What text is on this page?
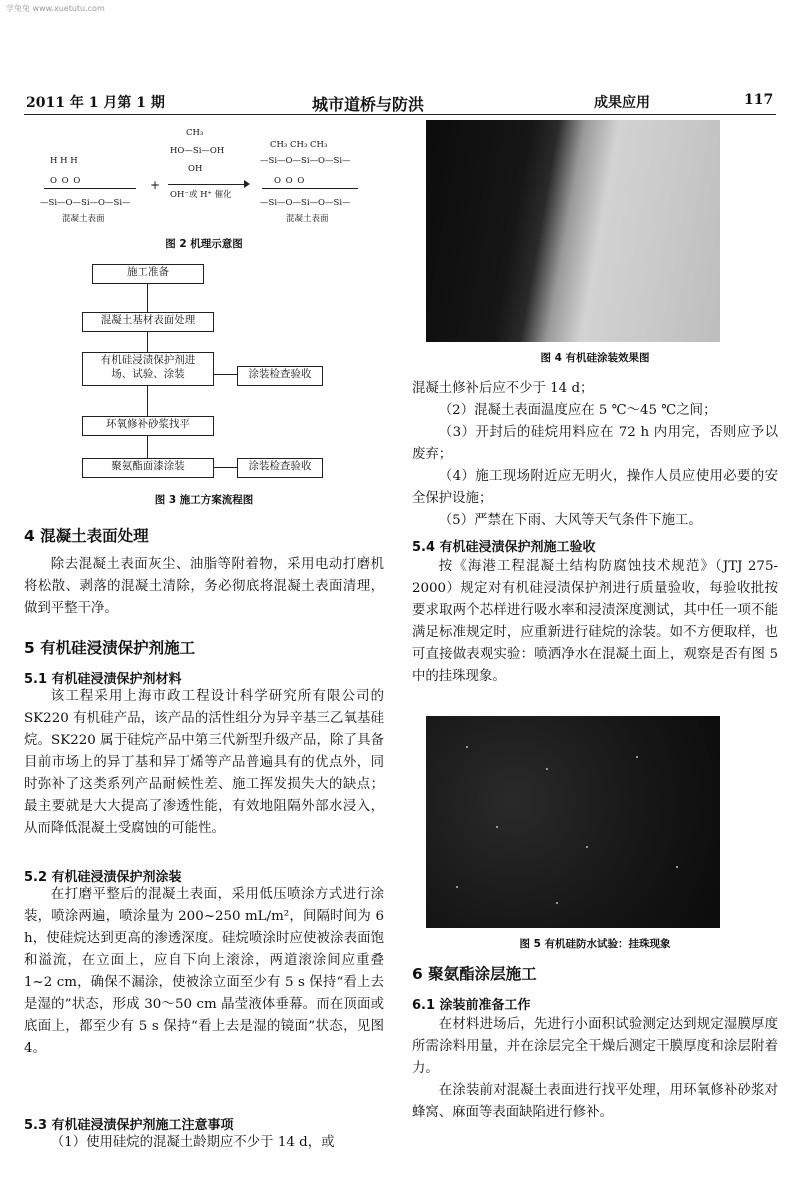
学兔兔 www.xuetutu.com
2011 年 1 月第 1 期	城市道桥与防洪	成果应用	117
H H H
O O O
—Si—O—Si—O—Si—
混凝土表面
+
CH₃
HO—Si—OH
OH
OH⁻或 H⁺ 催化
CH₃ CH₃ CH₃
—Si—O—Si—O—Si—
O O O
—Si—O—Si—O—Si—
混凝土表面
图 2 机理示意图
施工准备
混凝土基材表面处理
有机硅浸渍保护剂进
场、试验、涂装	涂装检查验收
环氧修补砂浆找平
聚氨酯面漆涂装	涂装检查验收
图 3 施工方案流程图
4 混凝土表面处理

除去混凝土表面灰尘、油脂等附着物，采用电动打磨机将松散、剥落的混凝土清除，务必彻底将混凝土表面清理，做到平整干净。

5 有机硅浸渍保护剂施工
5.1 有机硅浸渍保护剂材料

该工程采用上海市政工程设计科学研究所有限公司的 SK220 有机硅产品，该产品的活性组分为异辛基三乙氧基硅烷。SK220 属于硅烷产品中第三代新型升级产品，除了具备目前市场上的异丁基和异丁烯等产品普遍具有的优点外，同时弥补了这类系列产品耐候性差、施工挥发损失大的缺点；最主要就是大大提高了渗透性能，有效地阻隔外部水浸入，从而降低混凝土受腐蚀的可能性。

5.2 有机硅浸渍保护剂涂装

在打磨平整后的混凝土表面，采用低压喷涂方式进行涂装，喷涂两遍，喷涂量为 200~250 mL/m²，间隔时间为 6 h，使硅烷达到更高的渗透深度。硅烷喷涂时应使被涂表面饱和溢流，在立面上，应自下向上滚涂，两道滚涂间应重叠 1~2 cm，确保不漏涂，使被涂立面至少有 5 s 保持“看上去是湿的”状态，形成 30～50 cm 晶莹液体垂幕。而在顶面或底面上，都至少有 5 s 保持“看上去是湿的镜面”状态，见图 4。

5.3 有机硅浸渍保护剂施工注意事项

（1）使用硅烷的混凝土龄期应不少于 14 d，或

图 4 有机硅涂装效果图

混凝土修补后应不少于 14 d；

（2）混凝土表面温度应在 5 ℃～45 ℃之间；

（3）开封后的硅烷用料应在 72 h 内用完，否则应予以废弃；

（4）施工现场附近应无明火，操作人员应使用必要的安全保护设施；

（5）严禁在下雨、大风等天气条件下施工。

5.4 有机硅浸渍保护剂施工验收

按《海港工程混凝土结构防腐蚀技术规范》（JTJ 275-2000）规定对有机硅浸渍保护剂进行质量验收，每验收批按要求取两个芯样进行吸水率和浸渍深度测试，其中任一项不能满足标准规定时，应重新进行硅烷的涂装。如不方便取样，也可直接做表观实验：喷洒净水在混凝土面上，观察是否有图 5 中的挂珠现象。

图 5 有机硅防水试验：挂珠现象
6 聚氨酯涂层施工
6.1 涂装前准备工作

在材料进场后，先进行小面积试验测定达到规定湿膜厚度所需涂料用量，并在涂层完全干燥后测定干膜厚度和涂层附着力。

在涂装前对混凝土表面进行找平处理，用环氧修补砂浆对蜂窝、麻面等表面缺陷进行修补。
